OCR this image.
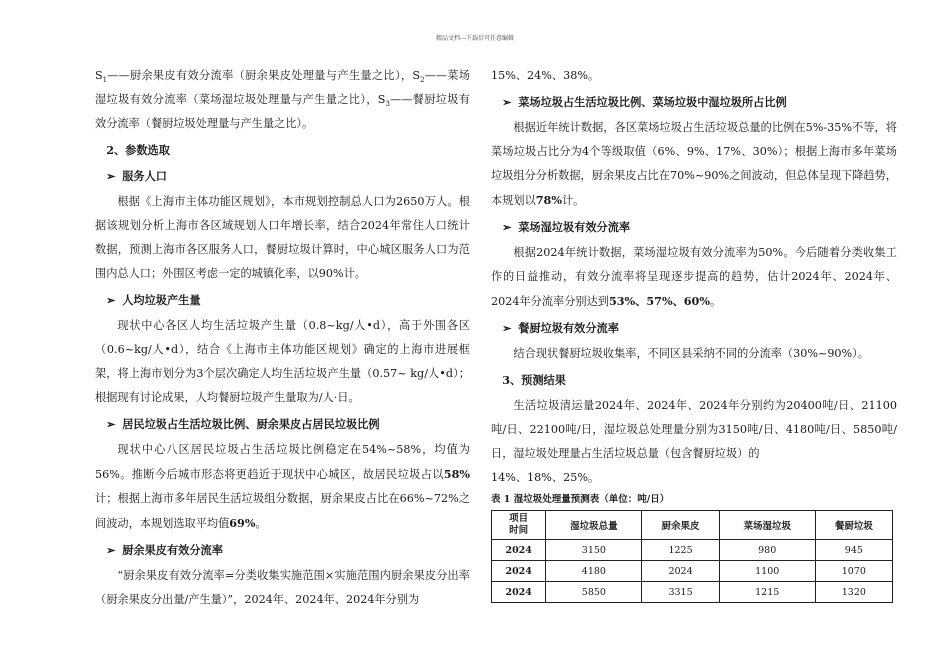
精品文档---下载后可任意编辑

$S_1——$厨余果皮有效分流率（厨余果皮处理量与产生量之比），$S_2——$菜场湿垃圾有效分流率（菜场湿垃圾处理量与产生量之比），$S_3——$餐厨垃圾有效分流率（餐厨垃圾处理量与产生量之比）。

2、参数选取

➢ 服务人口

根据《上海市主体功能区规划》，本市规划控制总人口为2650万人。根据该规划分析上海市各区域规划人口年增长率，结合2024年常住人口统计数据，预测上海市各区服务人口，餐厨垃圾计算时，中心城区服务人口为范围内总人口；外围区考虑一定的城镇化率，以90%计。

➢ 人均垃圾产生量

现状中心各区人均生活垃圾产生量（0.8~kg/人•d），高于外围各区（0.6~kg/人•d），结合《上海市主体功能区规划》确定的上海市进展框架，将上海市划分为3个层次确定人均生活垃圾产生量（0.57~ kg/人•d）；根据现有讨论成果，人均餐厨垃圾产生量取为/人·日。

➢ 居民垃圾占生活垃圾比例、厨余果皮占居民垃圾比例

现状中心八区居民垃圾占生活垃圾比例稳定在54%~58%，均值为56%。推断今后城市形态将更趋近于现状中心城区，故居民垃圾占以58%计；根据上海市多年居民生活垃圾组分数据，厨余果皮占比在66%~72%之间波动，本规划选取平均值69%。

➢ 厨余果皮有效分流率

“厨余果皮有效分流率=分类收集实施范围×实施范围内厨余果皮分出率（厨余果皮分出量/产生量）”，2024年、2024年、2024年分别为

15%、24%、38%。

➢ 菜场垃圾占生活垃圾比例、菜场垃圾中湿垃圾所占比例

根据近年统计数据，各区菜场垃圾占生活垃圾总量的比例在5%-35%不等，将菜场垃圾占比分为4个等级取值（6%、9%、17%、30%）；根据上海市多年菜场垃圾组分分析数据，厨余果皮占比在70%~90%之间波动，但总体呈现下降趋势，本规划以78%计。

➢ 菜场湿垃圾有效分流率

根据2024年统计数据，菜场湿垃圾有效分流率为50%。今后随着分类收集工作的日益推动，有效分流率将呈现逐步提高的趋势，估计2024年、2024年、2024年分流率分别达到53%、57%、60%。

➢ 餐厨垃圾有效分流率

结合现状餐厨垃圾收集率，不同区县采纳不同的分流率（30%~90%）。

3、预测结果

生活垃圾清运量2024年、2024年、2024年分别约为20400吨/日、21100吨/日、22100吨/日，湿垃圾总处理量分别为3150吨/日、4180吨/日、5850吨/日，湿垃圾处理量占生活垃圾总量（包含餐厨垃圾）的

14%、18%、25%。

表 1 湿垃圾处理量预测表（单位：吨/日）
项目
时间	湿垃圾总量	厨余果皮	菜场湿垃圾	餐厨垃圾
2024	3150	1225	980	945
2024	4180	2024	1100	1070
2024	5850	3315	1215	1320
